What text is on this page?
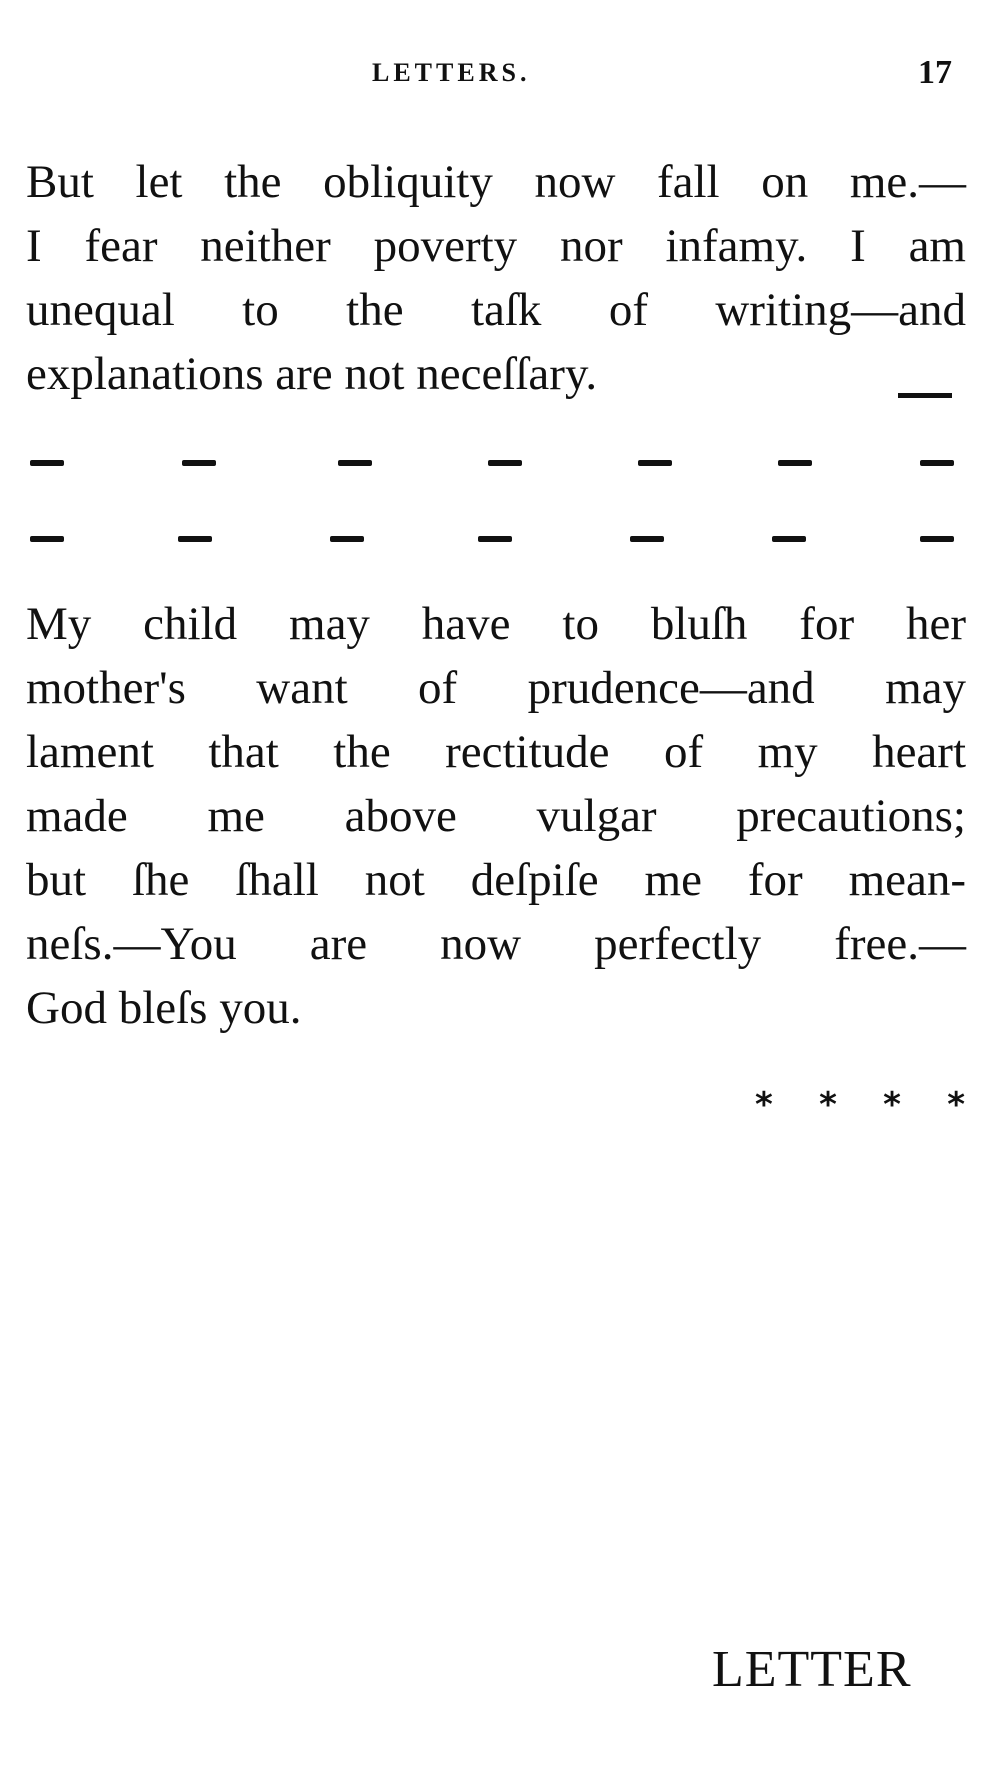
LETTERS.	17
But let the obliquity now fall on me.—
I fear neither poverty nor infamy. I am
unequal to the taſk of writing—and
explanations are not neceſſary.
My child may have to bluſh for her
mother's want of prudence—and may
lament that the rectitude of my heart
made me above vulgar precautions;
but ſhe ſhall not deſpiſe me for mean-
neſs.—You are now perfectly free.—
God bleſs you.
* * * *
LETTER
